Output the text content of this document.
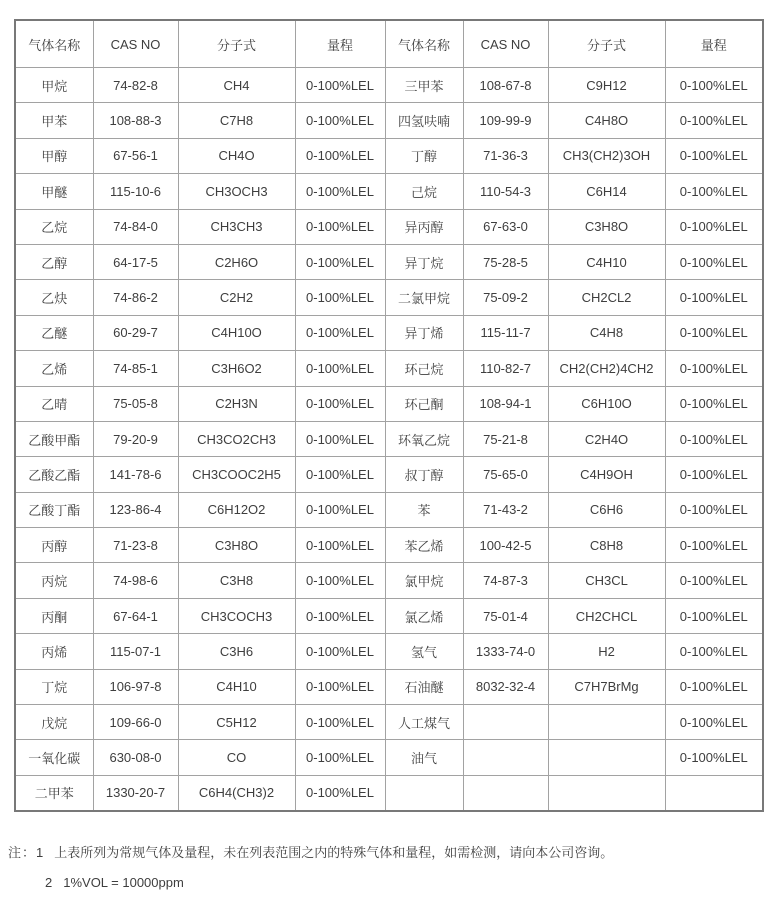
气体名称	CAS NO	分子式	量程	气体名称	CAS NO	分子式	量程
甲烷	74-82-8	CH4	0-100%LEL	三甲苯	108-67-8	C9H12	0-100%LEL
甲苯	108-88-3	C7H8	0-100%LEL	四氢呋喃	109-99-9	C4H8O	0-100%LEL
甲醇	67-56-1	CH4O	0-100%LEL	丁醇	71-36-3	CH3(CH2)3OH	0-100%LEL
甲醚	115-10-6	CH3OCH3	0-100%LEL	己烷	110-54-3	C6H14	0-100%LEL
乙烷	74-84-0	CH3CH3	0-100%LEL	异丙醇	67-63-0	C3H8O	0-100%LEL
乙醇	64-17-5	C2H6O	0-100%LEL	异丁烷	75-28-5	C4H10	0-100%LEL
乙炔	74-86-2	C2H2	0-100%LEL	二氯甲烷	75-09-2	CH2CL2	0-100%LEL
乙醚	60-29-7	C4H10O	0-100%LEL	异丁烯	115-11-7	C4H8	0-100%LEL
乙烯	74-85-1	C3H6O2	0-100%LEL	环己烷	110-82-7	CH2(CH2)4CH2	0-100%LEL
乙晴	75-05-8	C2H3N	0-100%LEL	环己酮	108-94-1	C6H10O	0-100%LEL
乙酸甲酯	79-20-9	CH3CO2CH3	0-100%LEL	环氧乙烷	75-21-8	C2H4O	0-100%LEL
乙酸乙酯	141-78-6	CH3COOC2H5	0-100%LEL	叔丁醇	75-65-0	C4H9OH	0-100%LEL
乙酸丁酯	123-86-4	C6H12O2	0-100%LEL	苯	71-43-2	C6H6	0-100%LEL
丙醇	71-23-8	C3H8O	0-100%LEL	苯乙烯	100-42-5	C8H8	0-100%LEL
丙烷	74-98-6	C3H8	0-100%LEL	氯甲烷	74-87-3	CH3CL	0-100%LEL
丙酮	67-64-1	CH3COCH3	0-100%LEL	氯乙烯	75-01-4	CH2CHCL	0-100%LEL
丙烯	115-07-1	C3H6	0-100%LEL	氢气	1333-74-0	H2	0-100%LEL
丁烷	106-97-8	C4H10	0-100%LEL	石油醚	8032-32-4	C7H7BrMg	0-100%LEL
戊烷	109-66-0	C5H12	0-100%LEL	人工煤气			0-100%LEL
一氧化碳	630-08-0	CO	0-100%LEL	油气			0-100%LEL
二甲苯	1330-20-7	C6H4(CH3)2	0-100%LEL				
注：1 上表所列为常规气体及量程，未在列表范围之内的特殊气体和量程，如需检测，请向本公司咨询。
2 1%VOL = 10000ppm
